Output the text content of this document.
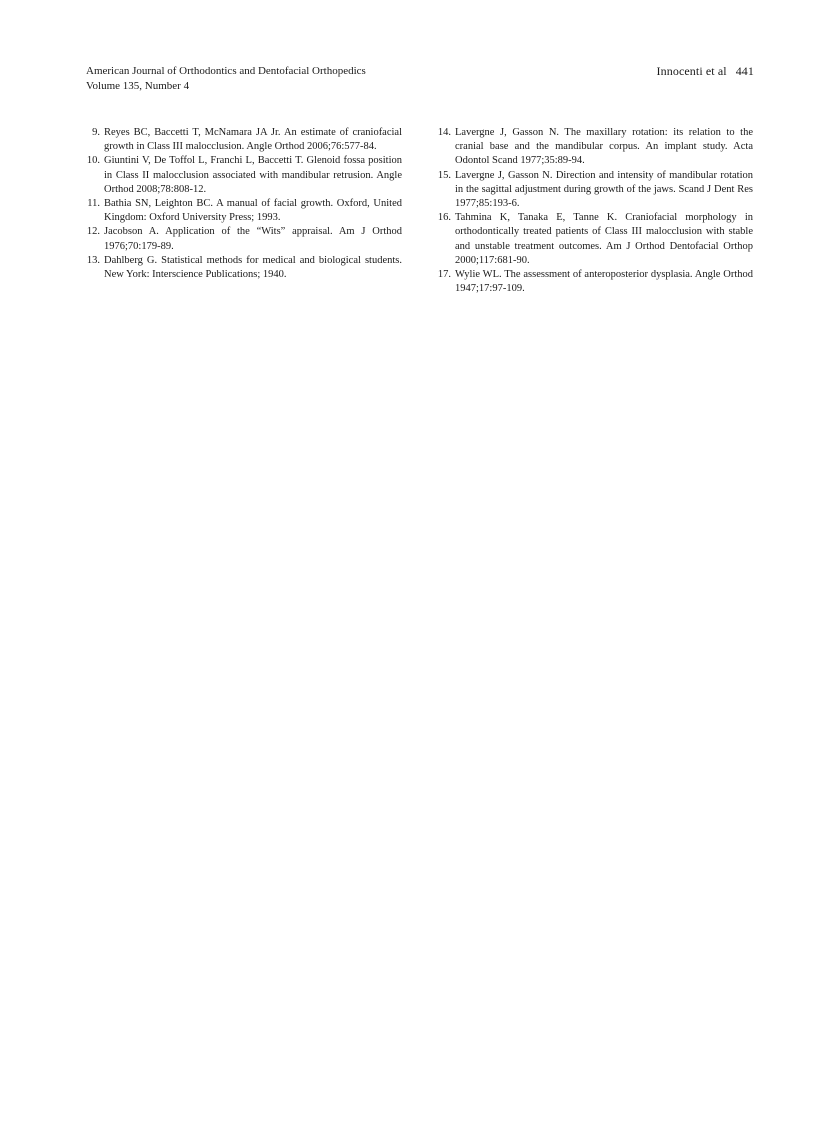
American Journal of Orthodontics and Dentofacial Orthopedics
Volume 135, Number 4
Innocenti et al 441
9. Reyes BC, Baccetti T, McNamara JA Jr. An estimate of craniofacial growth in Class III malocclusion. Angle Orthod 2006;76:577-84.
10. Giuntini V, De Toffol L, Franchi L, Baccetti T. Glenoid fossa position in Class II malocclusion associated with mandibular retrusion. Angle Orthod 2008;78:808-12.
11. Bathia SN, Leighton BC. A manual of facial growth. Oxford, United Kingdom: Oxford University Press; 1993.
12. Jacobson A. Application of the “Wits” appraisal. Am J Orthod 1976;70:179-89.
13. Dahlberg G. Statistical methods for medical and biological students. New York: Interscience Publications; 1940.
14. Lavergne J, Gasson N. The maxillary rotation: its relation to the cranial base and the mandibular corpus. An implant study. Acta Odontol Scand 1977;35:89-94.
15. Lavergne J, Gasson N. Direction and intensity of mandibular rotation in the sagittal adjustment during growth of the jaws. Scand J Dent Res 1977;85:193-6.
16. Tahmina K, Tanaka E, Tanne K. Craniofacial morphology in orthodontically treated patients of Class III malocclusion with stable and unstable treatment outcomes. Am J Orthod Dentofacial Orthop 2000;117:681-90.
17. Wylie WL. The assessment of anteroposterior dysplasia. Angle Orthod 1947;17:97-109.
